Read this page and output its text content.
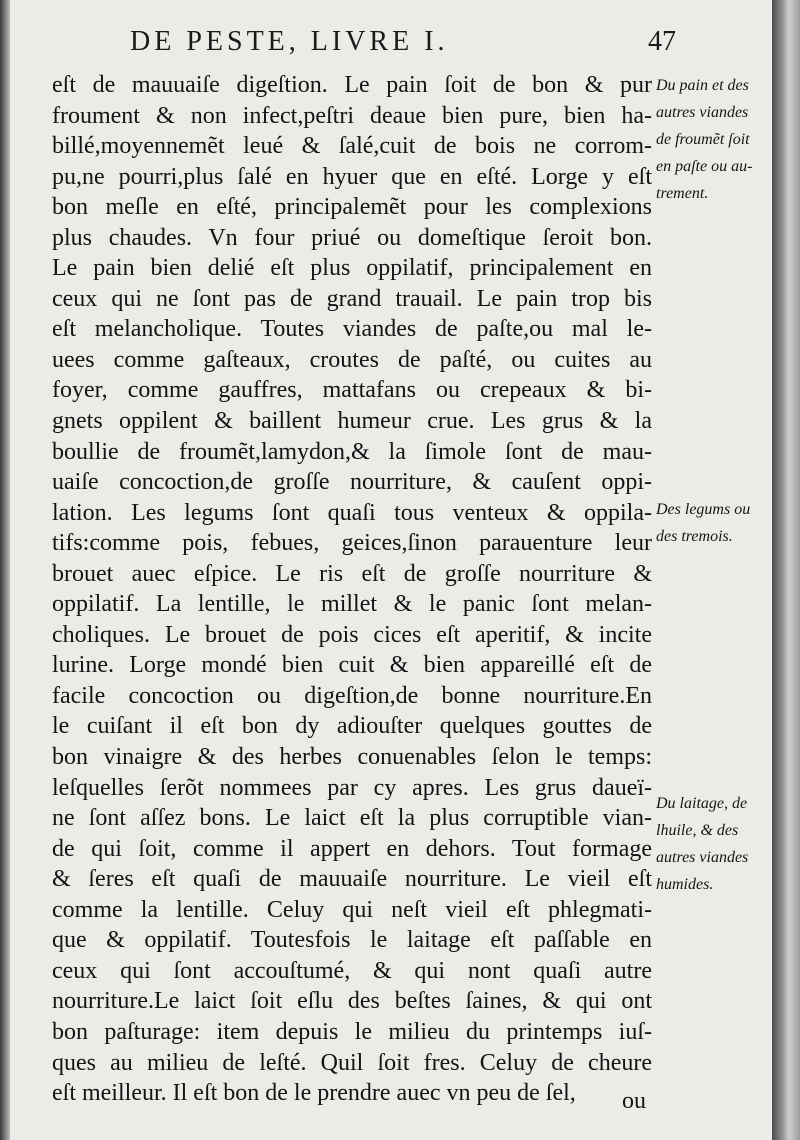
DE PESTE, LIVRE I.	47
eſt de mauuaiſe digeſtion. Le pain ſoit de bon & pur
froument & non infect,peſtri deaue bien pure, bien ha-
billé,moyennemẽt leué & ſalé,cuit de bois ne corrom-
pu,ne pourri,plus ſalé en hyuer que en eſté. Lorge y eſt
bon meſle en eſté, principalemẽt pour les complexions
plus chaudes. Vn four priué ou domeſtique ſeroit bon.
Le pain bien delié eſt plus oppilatif, principalement en
ceux qui ne ſont pas de grand trauail. Le pain trop bis
eſt melancholique. Toutes viandes de paſte,ou mal le-
uees comme gaſteaux, croutes de paſté, ou cuites au
foyer, comme gauffres, mattafans ou crepeaux & bi-
gnets oppilent & baillent humeur crue. Les grus & la
boullie de froumẽt,lamydon,& la ſimole ſont de mau-
uaiſe concoction,de groſſe nourriture, & cauſent oppi-
lation. Les legums ſont quaſi tous venteux & oppila-
tifs:comme pois, febues, geices,ſinon parauenture leur
brouet auec eſpice. Le ris eſt de groſſe nourriture &
oppilatif. La lentille, le millet & le panic ſont melan-
choliques. Le brouet de pois cices eſt aperitif, & incite
lurine. Lorge mondé bien cuit & bien appareillé eſt de
facile concoction ou digeſtion,de bonne nourriture.En
le cuiſant il eſt bon dy adiouſter quelques gouttes de
bon vinaigre & des herbes conuenables ſelon le temps:
leſquelles ſerõt nommees par cy apres. Les grus daueï-
ne ſont aſſez bons. Le laict eſt la plus corruptible vian-
de qui ſoit, comme il appert en dehors. Tout formage
& ſeres eſt quaſi de mauuaiſe nourriture. Le vieil eſt
comme la lentille. Celuy qui neſt vieil eſt phlegmati-
que & oppilatif. Toutesfois le laitage eſt paſſable en
ceux qui ſont accouſtumé, & qui nont quaſi autre
nourriture.Le laict ſoit eſlu des beſtes ſaines, & qui ont
bon paſturage: item depuis le milieu du printemps iuſ-
ques au milieu de leſté. Quil ſoit fres. Celuy de cheure
eſt meilleur. Il eſt bon de le prendre auec vn peu de ſel,
Du pain et des
autres viandes
de froumẽt ſoit
en paſte ou au-
trement.
Des legums ou
des tremois.
Du laitage, de
lhuile, & des
autres viandes
humides.
ou
